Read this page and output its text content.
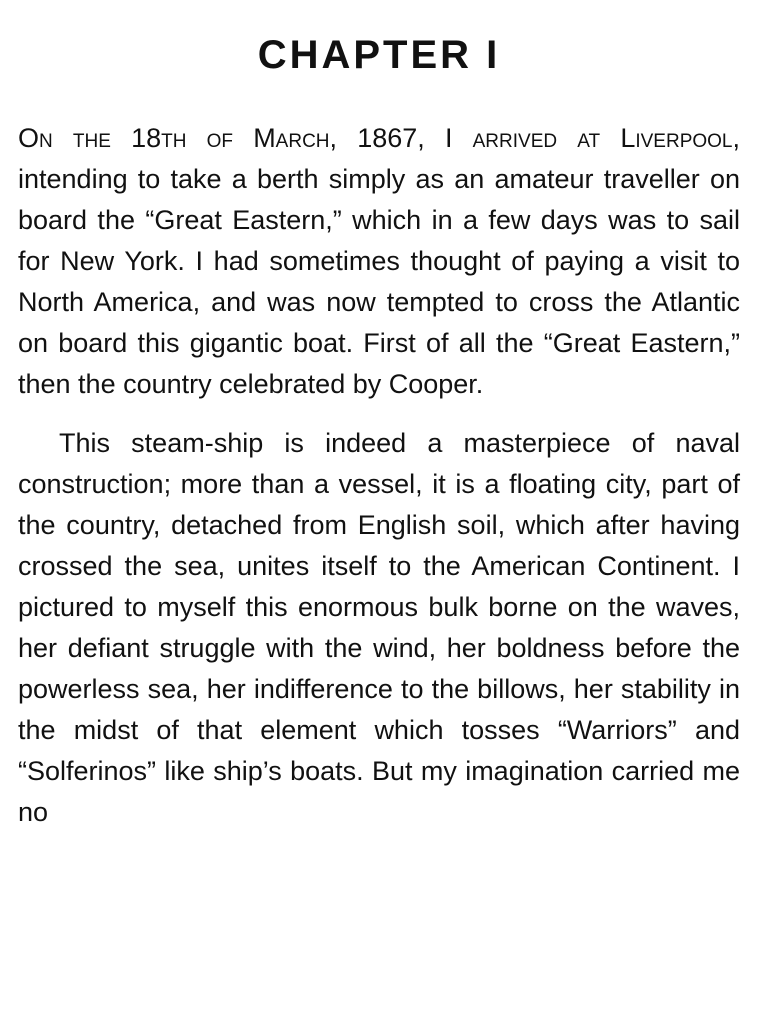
CHAPTER I

On the 18th of March, 1867, I arrived at Liverpool, intending to take a berth simply as an amateur traveller on board the “Great Eastern,” which in a few days was to sail for New York. I had sometimes thought of paying a visit to North America, and was now tempted to cross the Atlantic on board this gigantic boat. First of all the “Great Eastern,” then the country celebrated by Cooper.

This steam-ship is indeed a masterpiece of naval construction; more than a vessel, it is a floating city, part of the country, detached from English soil, which after having crossed the sea, unites itself to the American Continent. I pictured to myself this enormous bulk borne on the waves, her defiant struggle with the wind, her boldness before the powerless sea, her indifference to the billows, her stability in the midst of that element which tosses “Warriors” and “Solferinos” like ship’s boats. But my imagination carried me no
